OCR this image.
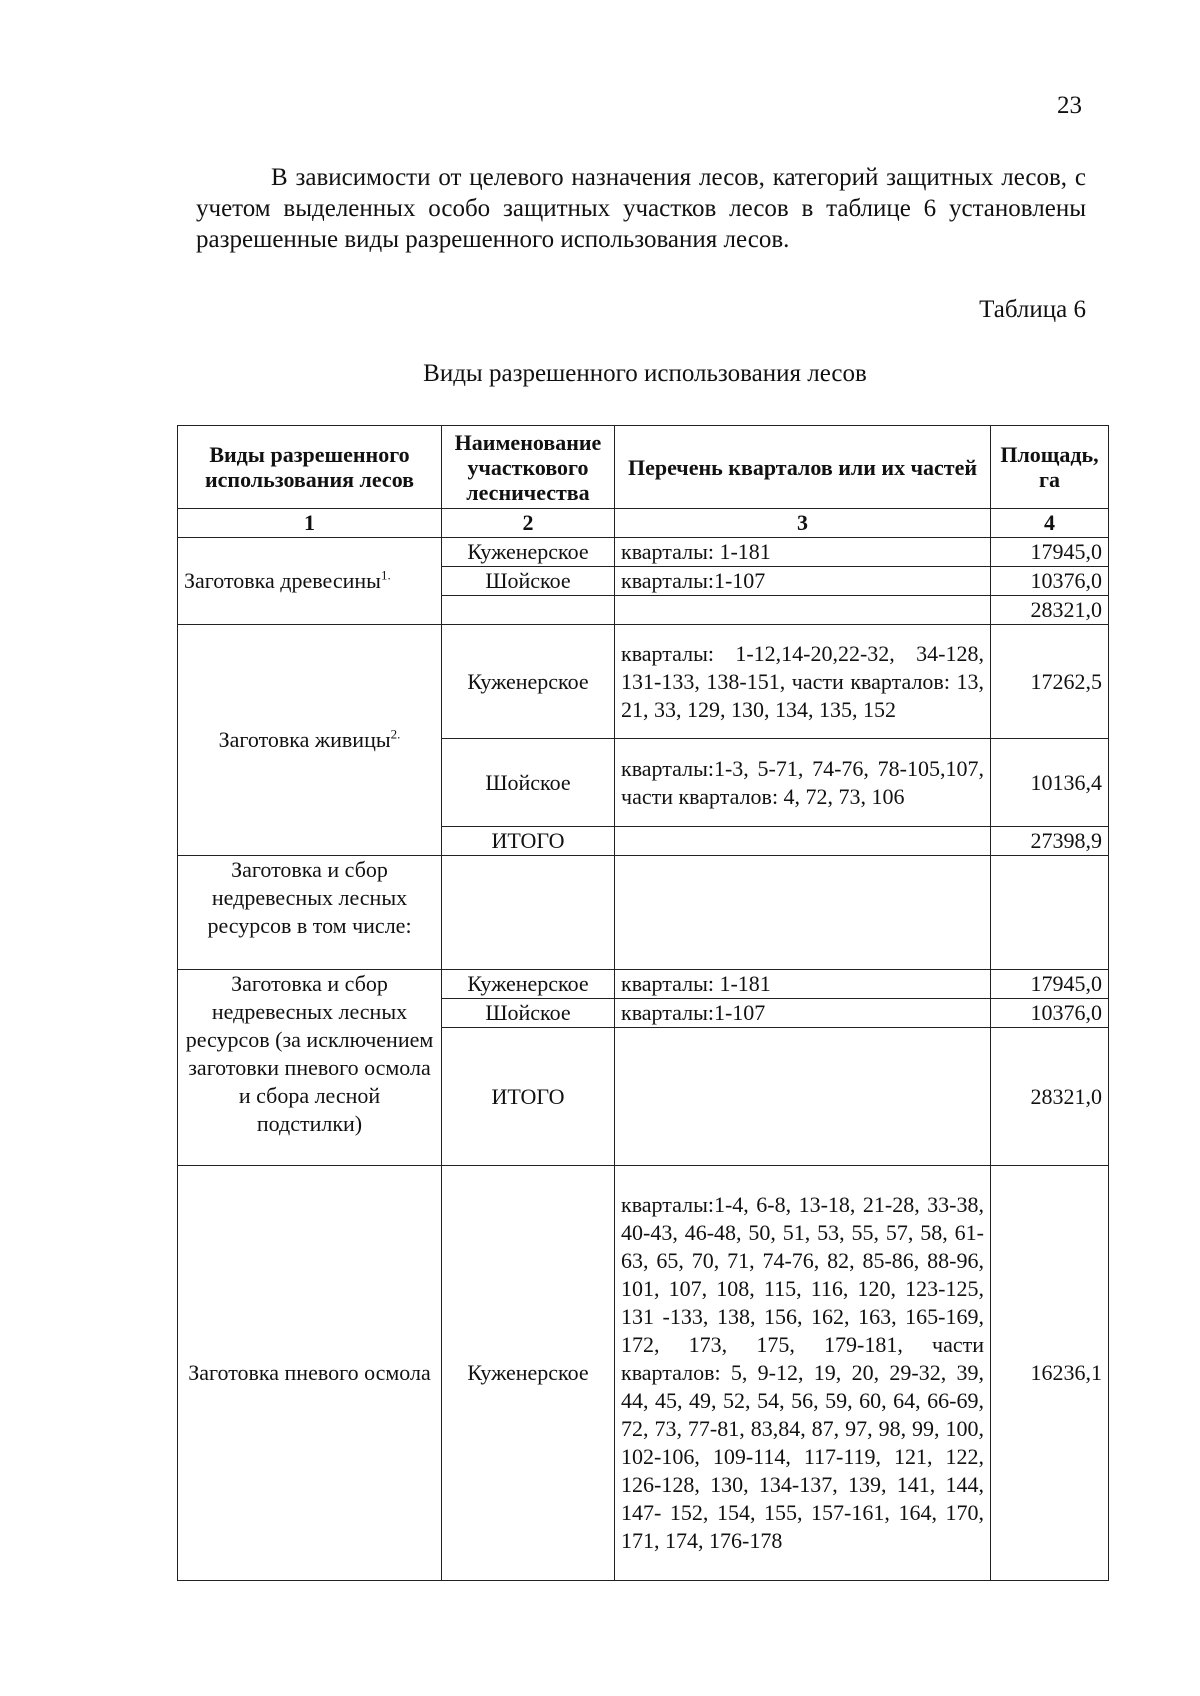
23

В зависимости от целевого назначения лесов, категорий защитных лесов, с учетом выделенных особо защитных участков лесов в таблице 6 установлены разрешенные виды разрешенного использования лесов.

Таблица 6
Виды разрешенного использования лесов
Виды разрешенного использования лесов	Наименование участкового лесничества	Перечень кварталов или их частей	Площадь, га
1	2	3	4
Заготовка древесины$^{1.}$	Куженерское	кварталы: 1-181	17945,0
	Шойское	кварталы:1-107	10376,0
			28321,0
Заготовка живицы$^{2.}$	Куженерское	кварталы: 1-12,14-20,22-32, 34-128, 131-133, 138-151, части кварталов: 13, 21, 33, 129, 130, 134, 135, 152	17262,5
	Шойское	кварталы:1-3, 5-71, 74-76, 78-105,107, части кварталов: 4, 72, 73, 106	10136,4
	ИТОГО		27398,9
Заготовка и сбор недревесных лесных ресурсов в том числе:			
Заготовка и сбор недревесных лесных ресурсов (за исключением заготовки пневого осмола и сбора лесной подстилки)	Куженерское	кварталы: 1-181	17945,0
	Шойское	кварталы:1-107	10376,0
	ИТОГО		28321,0
Заготовка пневого осмола	Куженерское	кварталы:1-4, 6-8, 13-18, 21-28, 33-38, 40-43, 46-48, 50, 51, 53, 55, 57, 58, 61-63, 65, 70, 71, 74-76, 82, 85-86, 88-96, 101, 107, 108, 115, 116, 120, 123-125, 131 -133, 138, 156, 162, 163, 165-169, 172, 173, 175, 179-181, части кварталов: 5, 9-12, 19, 20, 29-32, 39, 44, 45, 49, 52, 54, 56, 59, 60, 64, 66-69, 72, 73, 77-81, 83,84, 87, 97, 98, 99, 100, 102-106, 109-114, 117-119, 121, 122, 126-128, 130, 134-137, 139, 141, 144, 147- 152, 154, 155, 157-161, 164, 170, 171, 174, 176-178	16236,1
